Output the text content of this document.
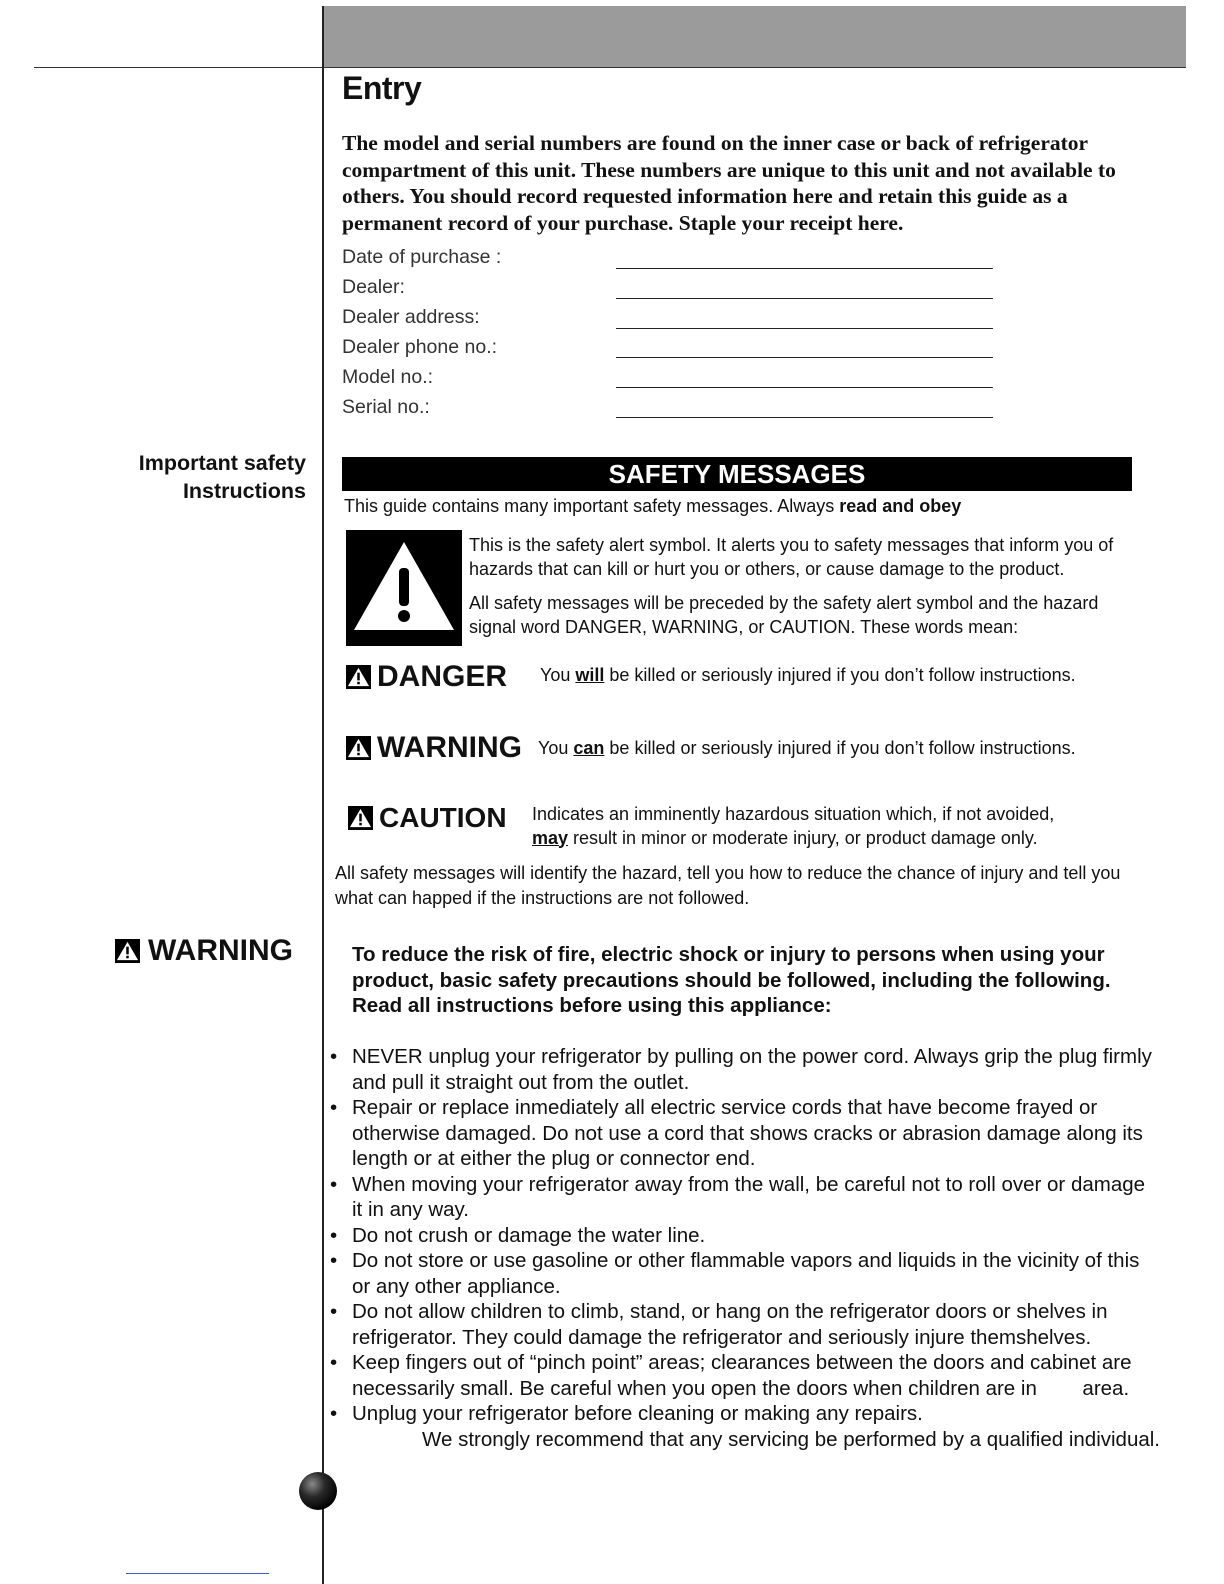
Entry
The model and serial numbers are found on the inner case or back of refrigerator compartment of this unit. These numbers are unique to this unit and not available to others. You should record requested information here and retain this guide as a permanent record of your purchase. Staple your receipt here.
Date of purchase :
Dealer:
Dealer address:
Dealer phone no.:
Model no.:
Serial no.:
Important safety
Instructions
SAFETY MESSAGES
This guide contains many important safety messages. Always read and obey
This is the safety alert symbol. It alerts you to safety messages that inform you of hazards that can kill or hurt you or others, or cause damage to the product.
All safety messages will be preceded by the safety alert symbol and the hazard signal word DANGER, WARNING, or CAUTION. These words mean:
DANGER You will be killed or seriously injured if you don’t follow instructions.
WARNING You can be killed or seriously injured if you don’t follow instructions.
CAUTION Indicates an imminently hazardous situation which, if not avoided,
may result in minor or moderate injury, or product damage only.
All safety messages will identify the hazard, tell you how to reduce the chance of injury and tell you what can happed if the instructions are not followed.
WARNING	To reduce the risk of fire, electric shock or injury to persons when using your product, basic safety precautions should be followed, including the following. Read all instructions before using this appliance:
• NEVER unplug your refrigerator by pulling on the power cord. Always grip the plug firmly and pull it straight out from the outlet.
• Repair or replace inmediately all electric service cords that have become frayed or otherwise damaged. Do not use a cord that shows cracks or abrasion damage along its length or at either the plug or connector end.
• When moving your refrigerator away from the wall, be careful not to roll over or damage it in any way.
• Do not crush or damage the water line.
• Do not store or use gasoline or other flammable vapors and liquids in the vicinity of this or any other appliance.
• Do not allow children to climb, stand, or hang on the refrigerator doors or shelves in refrigerator. They could damage the refrigerator and seriously injure themshelves.
• Keep fingers out of “pinch point” areas; clearances between the doors and cabinet are necessarily small. Be careful when you open the doors when children are in        area.
• Unplug your refrigerator before cleaning or making any repairs.
We strongly recommend that any servicing be performed by a qualified individual.
